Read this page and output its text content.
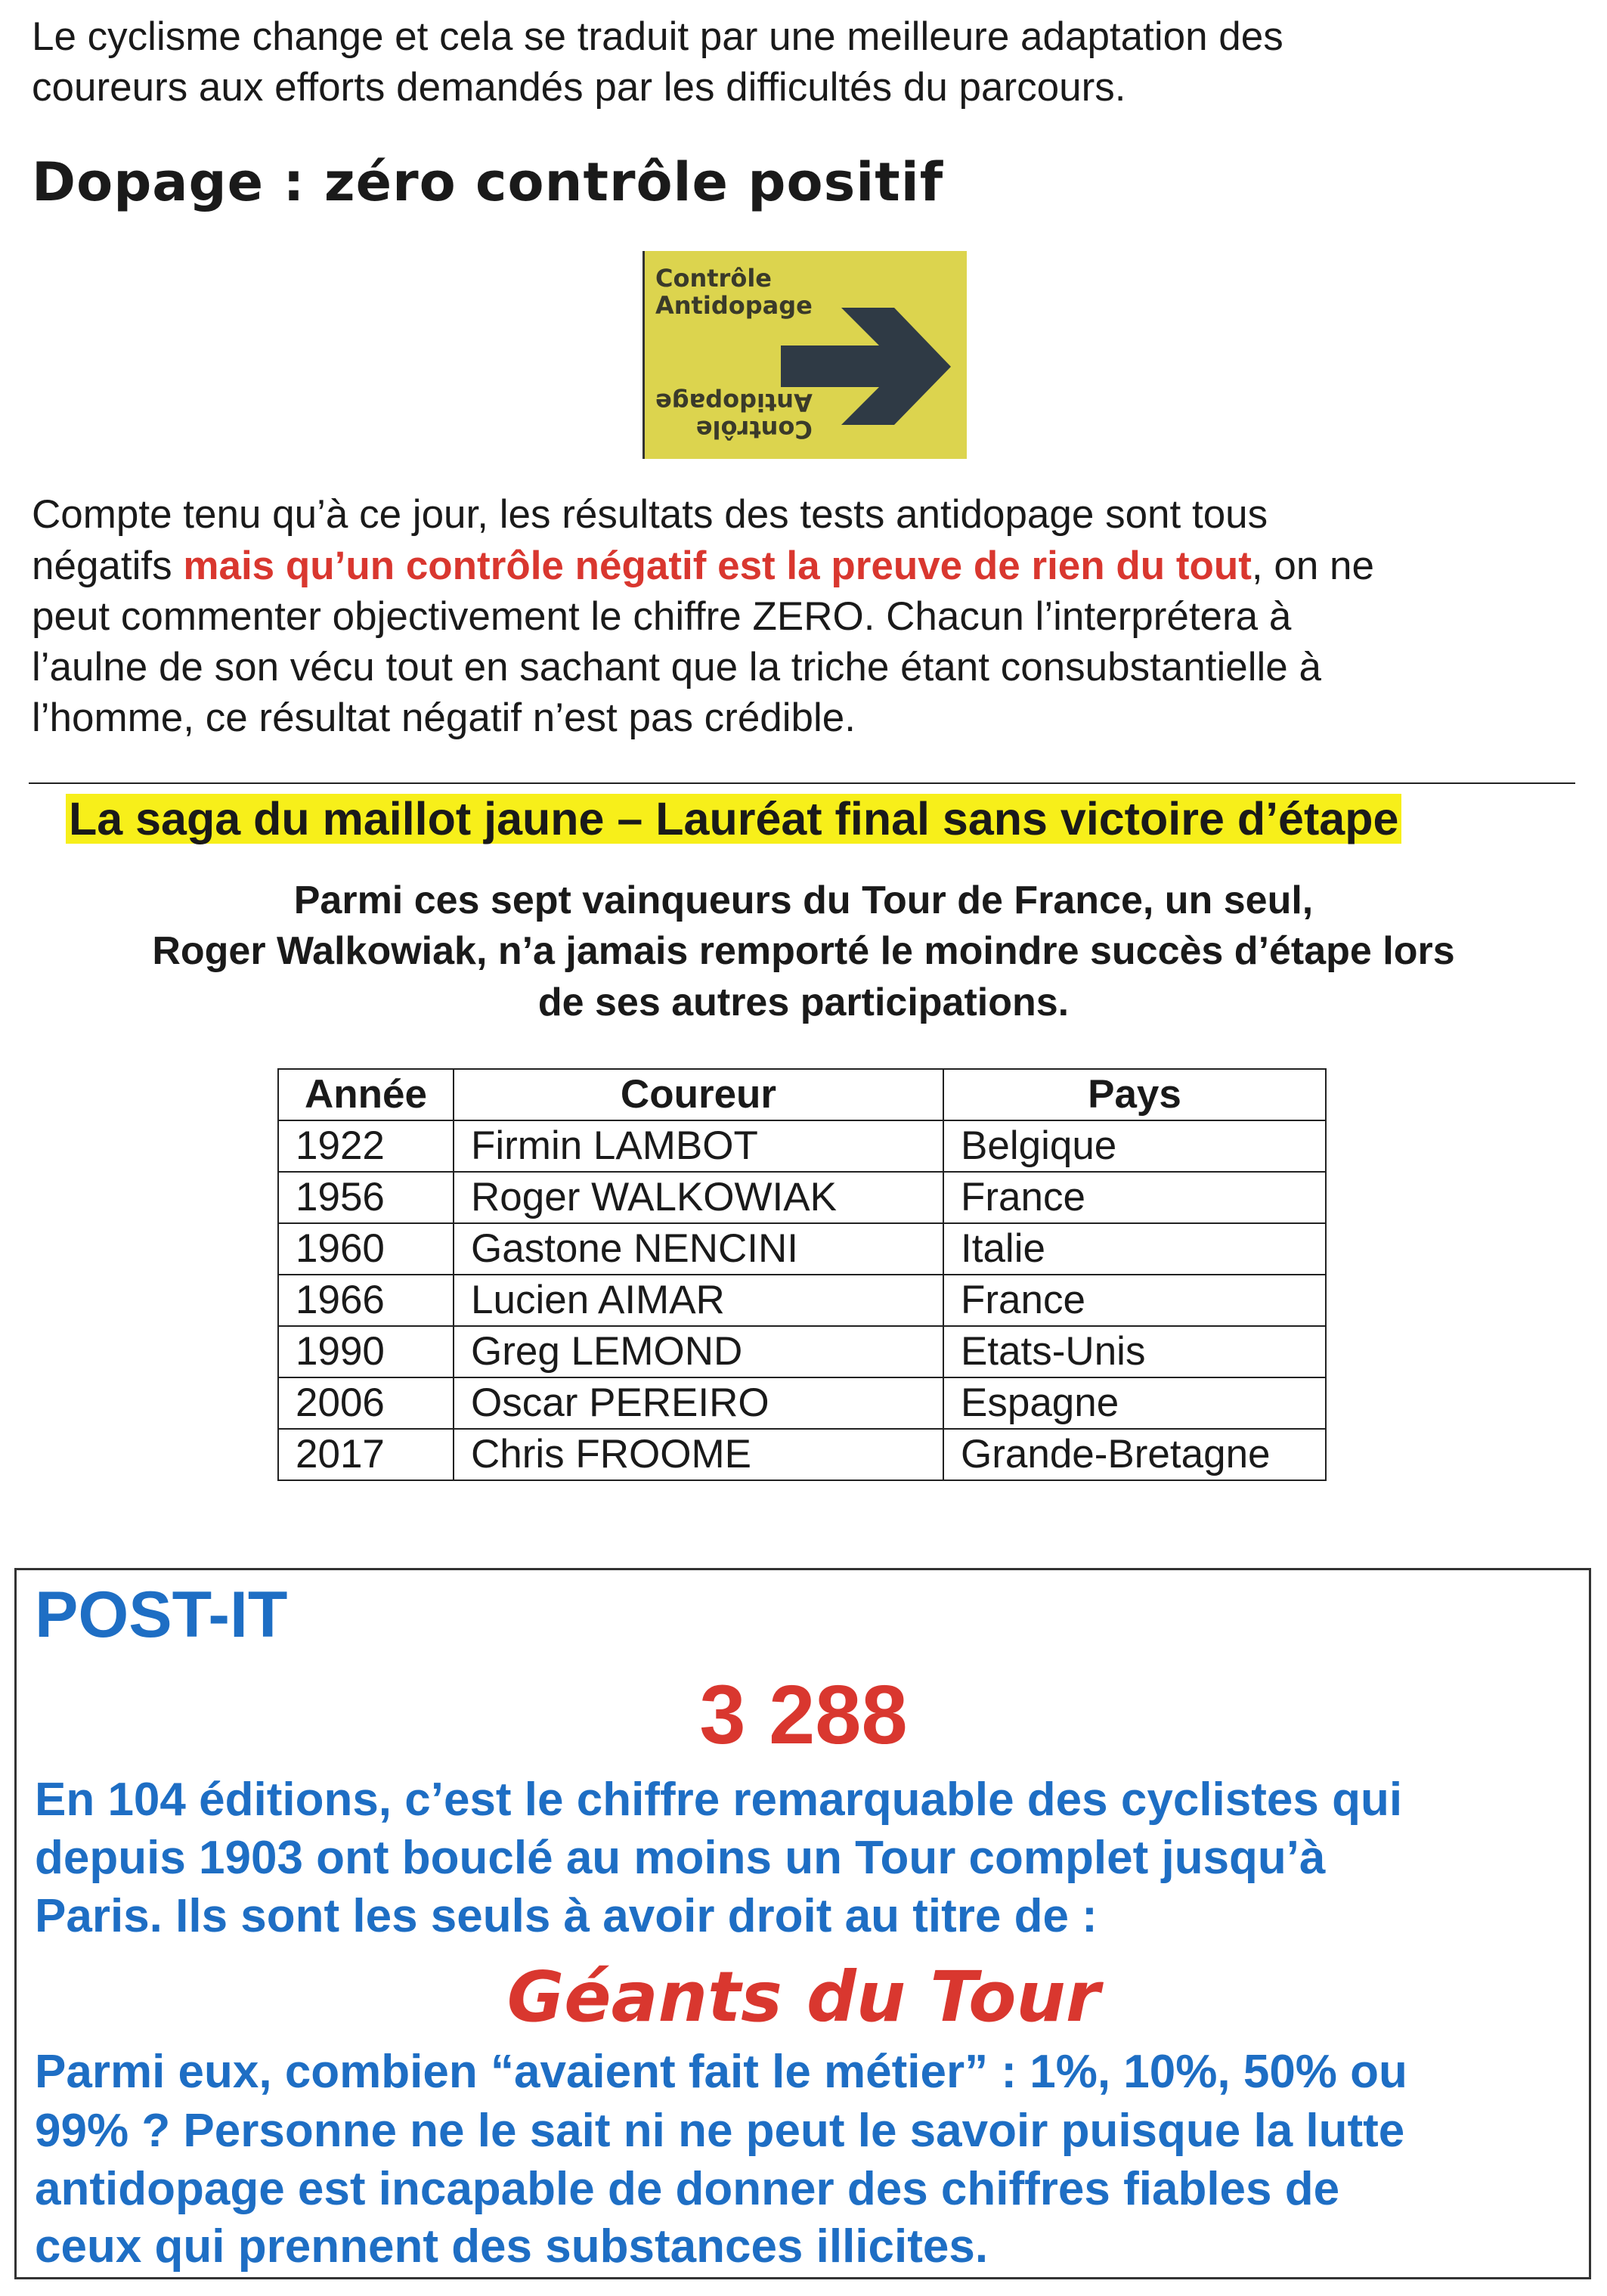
Le cyclisme change et cela se traduit par une meilleure adaptation des
coureurs aux efforts demandés par les difficultés du parcours.
Dopage : zéro contrôle positif
Contrôle
Antidopage
Contrôle
Antidopage
Compte tenu qu’à ce jour, les résultats des tests antidopage sont tous
négatifs mais qu’un contrôle négatif est la preuve de rien du tout, on ne
peut commenter objectivement le chiffre ZERO. Chacun l’interprétera à
l’aulne de son vécu tout en sachant que la triche étant consubstantielle à
l’homme, ce résultat négatif n’est pas crédible.
La saga du maillot jaune – Lauréat final sans victoire d’étape
Parmi ces sept vainqueurs du Tour de France, un seul,
Roger Walkowiak, n’a jamais remporté le moindre succès d’étape lors
de ses autres participations.
Année	Coureur	Pays
1922	Firmin LAMBOT	Belgique
1956	Roger WALKOWIAK	France
1960	Gastone NENCINI	Italie
1966	Lucien AIMAR	France
1990	Greg LEMOND	Etats-Unis
2006	Oscar PEREIRO	Espagne
2017	Chris FROOME	Grande-Bretagne
POST-IT
3 288
En 104 éditions, c’est le chiffre remarquable des cyclistes qui
depuis 1903 ont bouclé au moins un Tour complet jusqu’à
Paris. Ils sont les seuls à avoir droit au titre de :
Géants du Tour
Parmi eux, combien “avaient fait le métier” : 1%, 10%, 50% ou
99% ? Personne ne le sait ni ne peut le savoir puisque la lutte
antidopage est incapable de donner des chiffres fiables de
ceux qui prennent des substances illicites.
